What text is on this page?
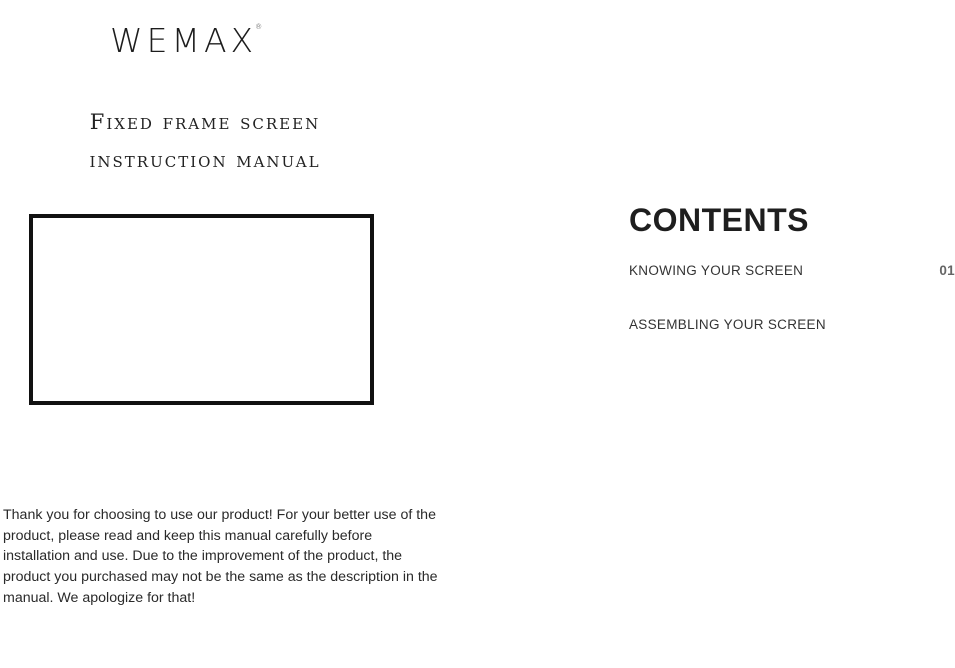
WEMAX®
Fixed frame screen
instruction manual

Thank you for choosing to use our product! For your better use of the product, please read and keep this manual carefully before installation and use. Due to the improvement of the product, the product you purchased may not be the same as the description in the manual. We apologize for that!

CONTENTS
KNOWING YOUR SCREEN	01
ASSEMBLING YOUR SCREEN
